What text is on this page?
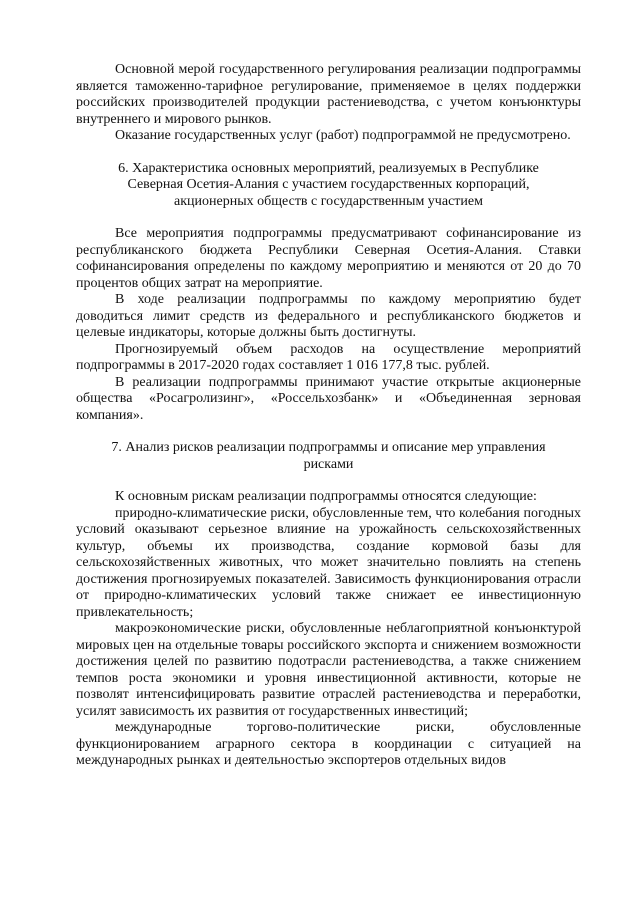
Основной мерой государственного регулирования реализации подпрограммы является таможенно-тарифное регулирование, применяемое в целях поддержки российских производителей продукции растениеводства, с учетом конъюнктуры внутреннего и мирового рынков.

Оказание государственных услуг (работ) подпрограммой не предусмотрено.

6. Характеристика основных мероприятий, реализуемых в Республике Северная Осетия-Алания с участием государственных корпораций, акционерных обществ с государственным участием

Все мероприятия подпрограммы предусматривают софинансирование из республиканского бюджета Республики Северная Осетия-Алания. Ставки софинансирования определены по каждому мероприятию и меняются от 20 до 70 процентов общих затрат на мероприятие.

В ходе реализации подпрограммы по каждому мероприятию будет доводиться лимит средств из федерального и республиканского бюджетов и целевые индикаторы, которые должны быть достигнуты.

Прогнозируемый объем расходов на осуществление мероприятий подпрограммы в 2017-2020 годах составляет 1 016 177,8 тыс. рублей.

В реализации подпрограммы принимают участие открытые акционерные общества «Росагролизинг», «Россельхозбанк» и «Объединенная зерновая компания».

7. Анализ рисков реализации подпрограммы и описание мер управления рисками

К основным рискам реализации подпрограммы относятся следующие:

природно-климатические риски, обусловленные тем, что колебания погодных условий оказывают серьезное влияние на урожайность сельскохозяйственных культур, объемы их производства, создание кормовой базы для сельскохозяйственных животных, что может значительно повлиять на степень достижения прогнозируемых показателей. Зависимость функционирования отрасли от природно-климатических условий также снижает ее инвестиционную привлекательность;

макроэкономические риски, обусловленные неблагоприятной конъюнктурой мировых цен на отдельные товары российского экспорта и снижением возможности достижения целей по развитию подотрасли растениеводства, а также снижением темпов роста экономики и уровня инвестиционной активности, которые не позволят интенсифицировать развитие отраслей растениеводства и переработки, усилят зависимость их развития от государственных инвестиций;

международные торгово-политические риски, обусловленные функционированием аграрного сектора в координации с ситуацией на международных рынках и деятельностью экспортеров отдельных видов
